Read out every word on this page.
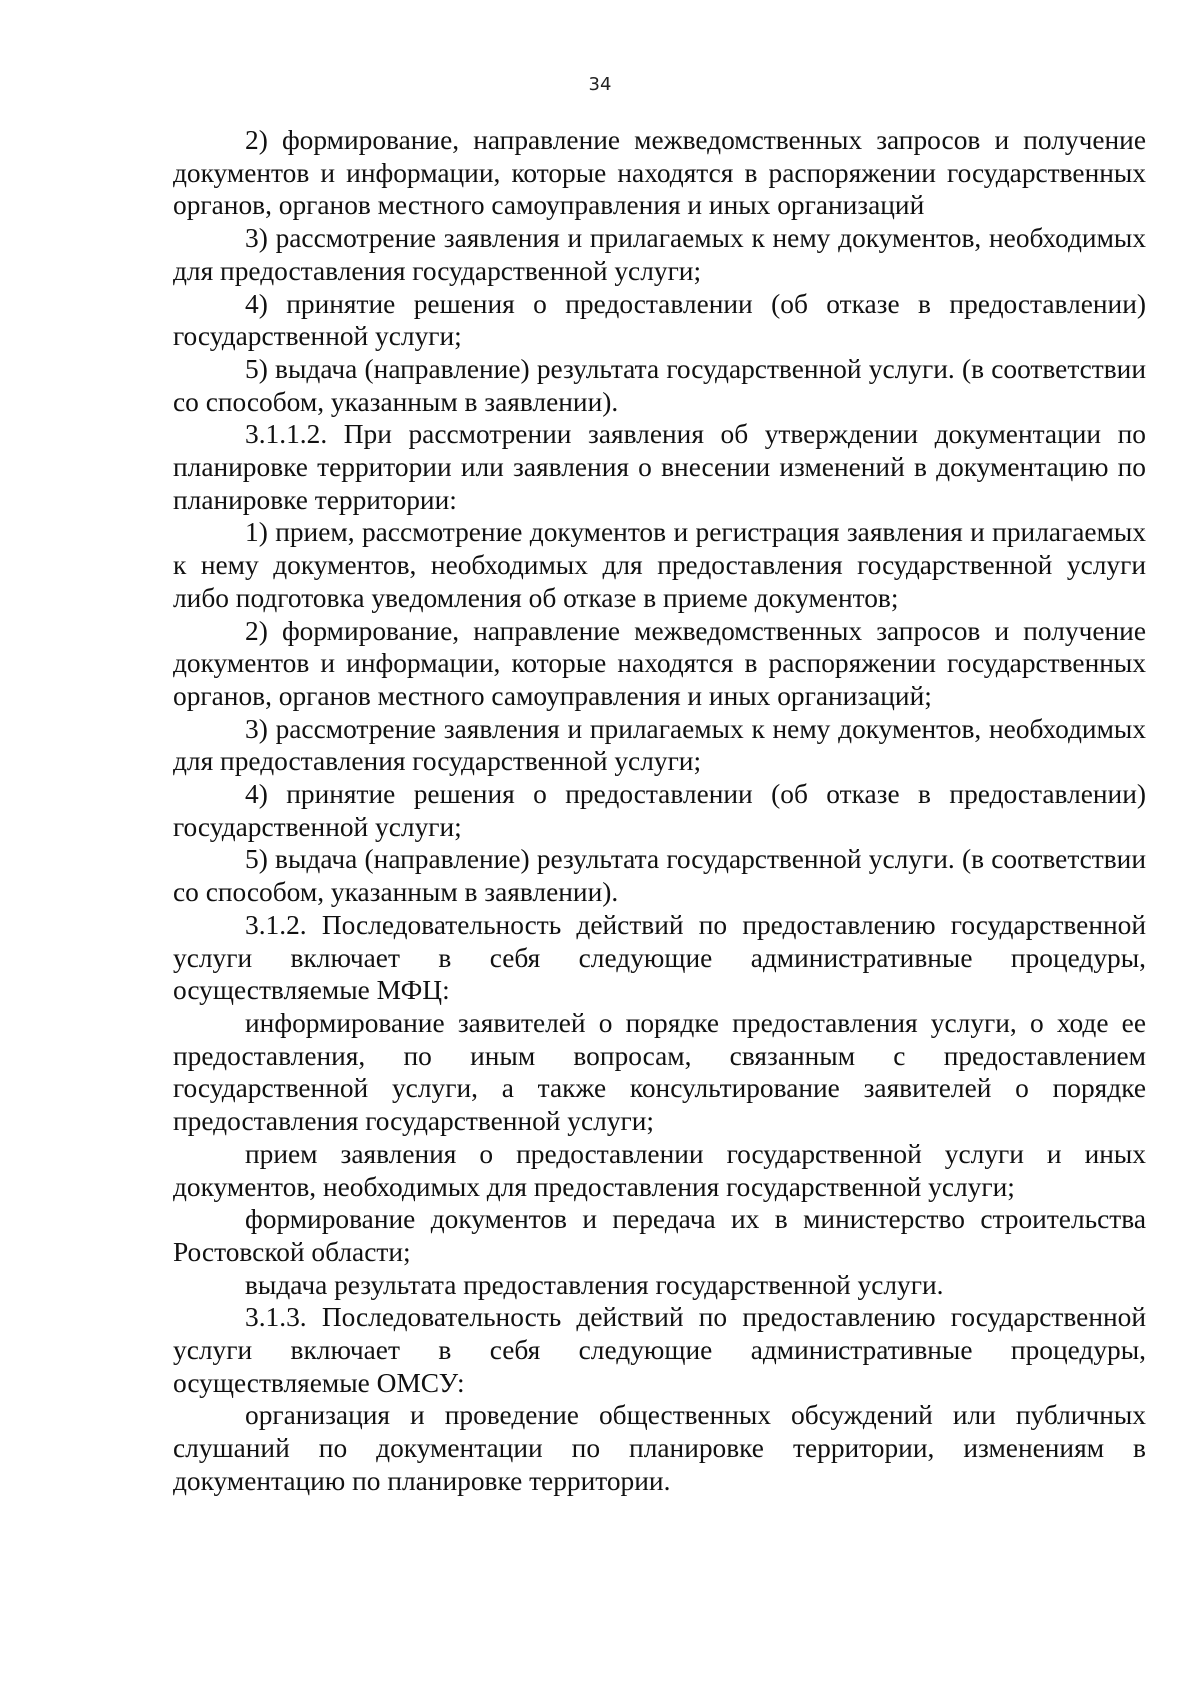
34

2) формирование, направление межведомственных запросов и получение документов и информации, которые находятся в распоряжении государственных органов, органов местного самоуправления и иных организаций

3) рассмотрение заявления и прилагаемых к нему документов, необходимых для предоставления государственной услуги;

4) принятие решения о предоставлении (об отказе в предоставлении) государственной услуги;

5) выдача (направление) результата государственной услуги. (в соответствии со способом, указанным в заявлении).

3.1.1.2. При рассмотрении заявления об утверждении документации по планировке территории или заявления о внесении изменений в документацию по планировке территории:

1) прием, рассмотрение документов и регистрация заявления и прилагаемых к нему документов, необходимых для предоставления государственной услуги либо подготовка уведомления об отказе в приеме документов;

2) формирование, направление межведомственных запросов и получение документов и информации, которые находятся в распоряжении государственных органов, органов местного самоуправления и иных организаций;

3) рассмотрение заявления и прилагаемых к нему документов, необходимых для предоставления государственной услуги;

4) принятие решения о предоставлении (об отказе в предоставлении) государственной услуги;

5) выдача (направление) результата государственной услуги. (в соответствии со способом, указанным в заявлении).

3.1.2. Последовательность действий по предоставлению государственной услуги включает в себя следующие административные процедуры, осуществляемые МФЦ:

информирование заявителей о порядке предоставления услуги, о ходе ее предоставления, по иным вопросам, связанным с предоставлением государственной услуги, а также консультирование заявителей о порядке предоставления государственной услуги;

прием заявления о предоставлении государственной услуги и иных документов, необходимых для предоставления государственной услуги;

формирование документов и передача их в министерство строительства Ростовской области;

выдача результата предоставления государственной услуги.

3.1.3. Последовательность действий по предоставлению государственной услуги включает в себя следующие административные процедуры, осуществляемые ОМСУ:

организация и проведение общественных обсуждений или публичных слушаний по документации по планировке территории, изменениям в документацию по планировке территории.
